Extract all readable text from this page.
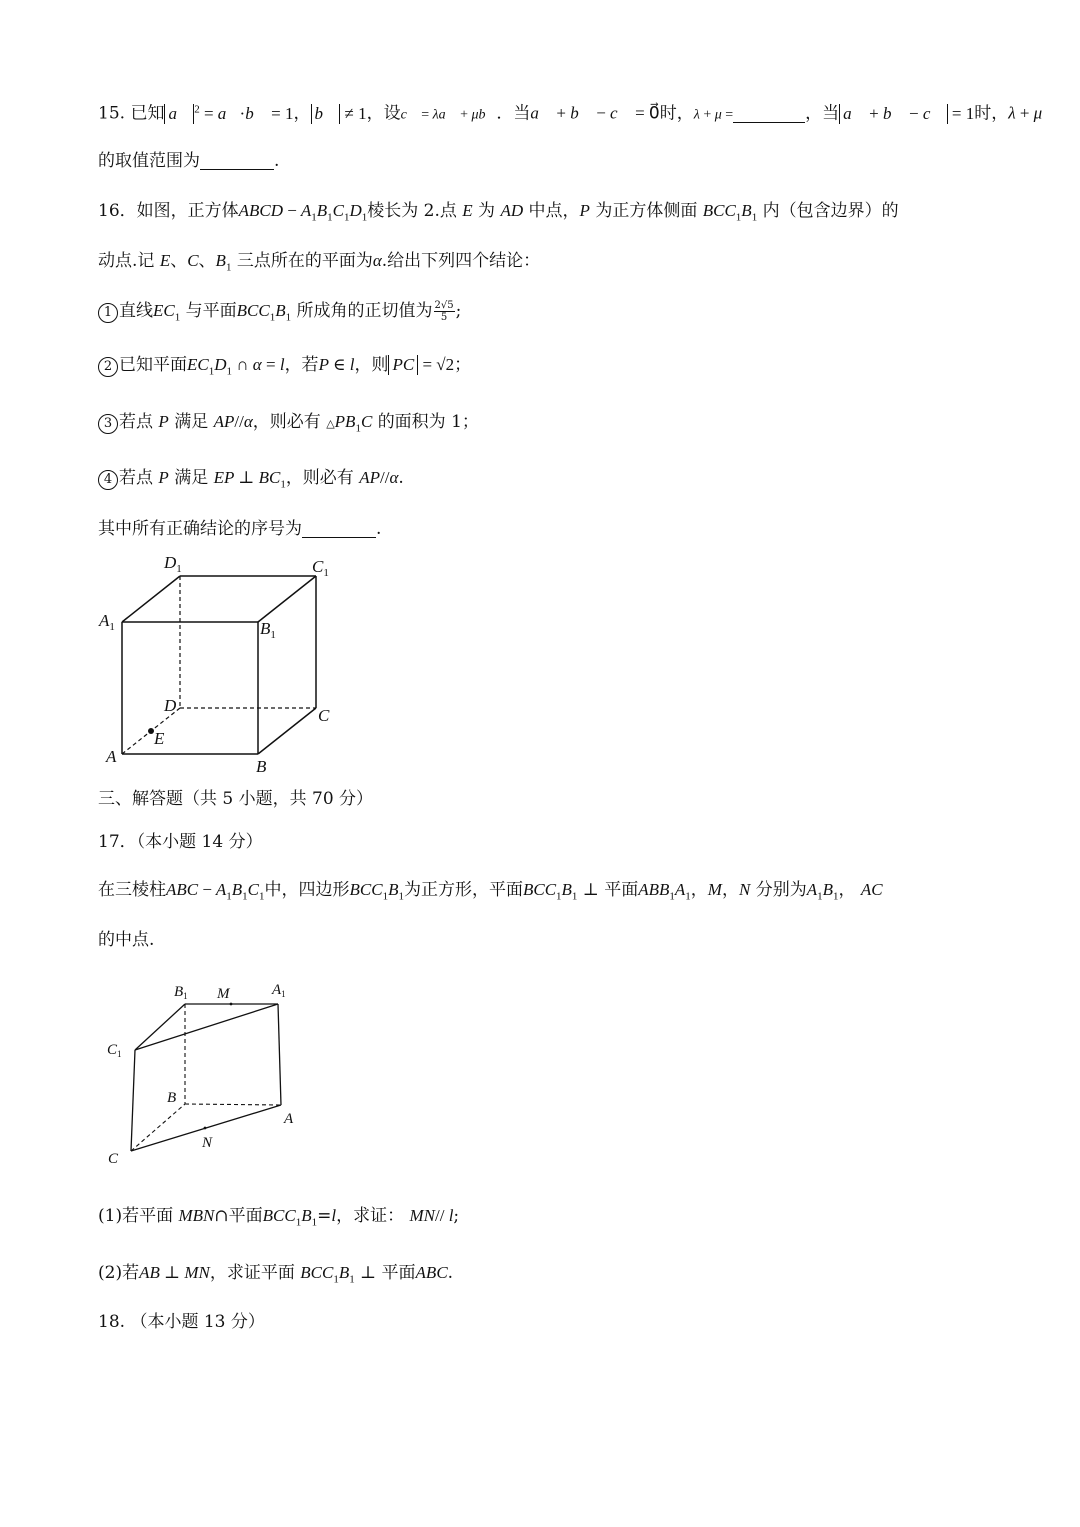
15. 已知 a⃗ $^2$ = a⃗·b⃗ = 1， b⃗ ≠ 1，设c⃗ = λa⃗ + μb⃗．当a⃗ + b⃗ − c⃗ = 0⃗时，λ + μ =	，当 a⃗ + b⃗ − c⃗ = 1时，λ + μ
的取值范围为	.
16．如图，正方体ABCD − $A_1B_1C_1D_1$棱长为 2.点 E 为 AD 中点，P 为正方体侧面 $BCC_1B_1$ 内（包含边界）的
动点.记 E、C、$B_1$ 三点所在的平面为α.给出下列四个结论：
1 直线$EC_1$ 与平面$BCC_1B_1$ 所成角的正切值为 $\frac{2√5}{5}$ ;
2 已知平面$EC_1D_1$ ∩ α = l，若P ∈ l，则 PC = √2；
3 若点 P 满足 AP//α，则必有 $\triangle PB_1C$ 的面积为 1；
4 若点 P 满足 EP ⊥ $BC_1$，则必有 AP//α.
其中所有正确结论的序号为	.
$D_1$	$C_1$
$A_1$	$B_1$
D
C
A
B
E
三、解答题（共 5 小题，共 70 分）
17．（本小题 14 分）
在三棱柱ABC − $A_1B_1C_1$中，四边形$BCC_1B_1$为正方形，平面$BCC_1B_1$ ⊥ 平面$ABB_1A_1$，M，N 分别为$A_1B_1$， AC
的中点.
$B_1$ M	$A_1$
$C_1$
B
A
N
C
(1)若平面 MBN∩平面$BCC_1B_1=l$，求证： MN// l;
(2)若AB ⊥ MN，求证平面 $BCC_1B_1$ ⊥ 平面ABC.
18. （本小题 13 分）
